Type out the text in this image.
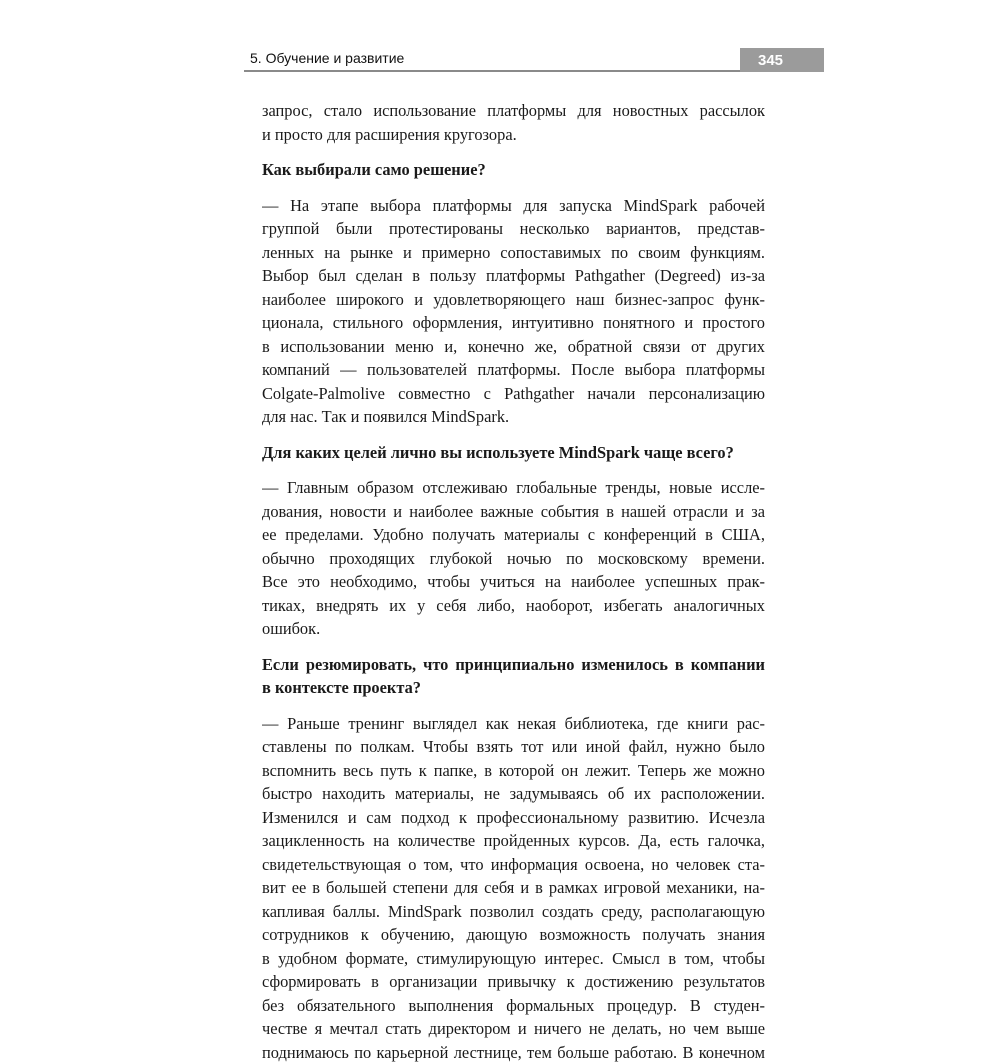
5. Обучение и развитие	345
запрос, стало использование платформы для новостных рассылок
и просто для расширения кругозора.
Как выбирали само решение?
— На этапе выбора платформы для запуска MindSpark рабочей
группой были протестированы несколько вариантов, представ-
ленных на рынке и примерно сопоставимых по своим функциям.
Выбор был сделан в пользу платформы Pathgather (Degreed) из-за
наиболее широкого и удовлетворяющего наш бизнес-запрос функ-
ционала, стильного оформления, интуитивно понятного и простого
в использовании меню и, конечно же, обратной связи от других
компаний — пользователей платформы. После выбора платформы
Colgate-Palmolive совместно с Pathgather начали персонализацию
для нас. Так и появился MindSpark.
Для каких целей лично вы используете MindSpark чаще всего?
— Главным образом отслеживаю глобальные тренды, новые иссле-
дования, новости и наиболее важные события в нашей отрасли и за
ее пределами. Удобно получать материалы с конференций в США,
обычно проходящих глубокой ночью по московскому времени.
Все это необходимо, чтобы учиться на наиболее успешных прак-
тиках, внедрять их у себя либо, наоборот, избегать аналогичных
ошибок.
Если резюмировать, что принципиально изменилось в компании
в контексте проекта?
— Раньше тренинг выглядел как некая библиотека, где книги рас-
ставлены по полкам. Чтобы взять тот или иной файл, нужно было
вспомнить весь путь к папке, в которой он лежит. Теперь же можно
быстро находить материалы, не задумываясь об их расположении.
Изменился и сам подход к профессиональному развитию. Исчезла
зацикленность на количестве пройденных курсов. Да, есть галочка,
свидетельствующая о том, что информация освоена, но человек ста-
вит ее в большей степени для себя и в рамках игровой механики, на-
капливая баллы. MindSpark позволил создать среду, располагающую
сотрудников к обучению, дающую возможность получать знания
в удобном формате, стимулирующую интерес. Смысл в том, чтобы
сформировать в организации привычку к достижению результатов
без обязательного выполнения формальных процедур. В студен-
честве я мечтал стать директором и ничего не делать, но чем выше
поднимаюсь по карьерной лестнице, тем больше работаю. В конечном
